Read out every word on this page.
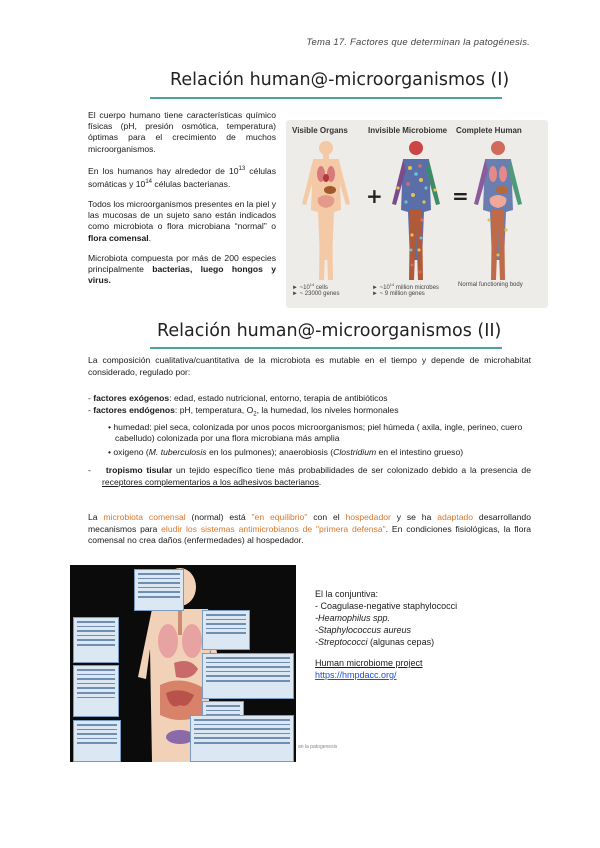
Tema 17. Factores que determinan la patogénesis.
Relación human@-microorganismos (I)

El cuerpo humano tiene características químico físicas (pH, presión osmótica, temperatura) óptimas para el crecimiento de muchos microorganismos.

En los humanos hay alrededor de $10^{13}$ células somáticas y $10^{14}$ células bacterianas.

Todos los microorganismos presentes en la piel y las mucosas de un sujeto sano están indicados como microbiota o flora microbiana “normal” o flora comensal.

Microbiota compuesta por más de 200 especies principalmente bacterias, luego hongos y virus.

Visible Organs	Invisible Microbiome Complete Human
+	=
► $\sim 10^{14}$ cells
► ~ 23000 genes
► $\sim 10^{14}$ million microbes
► ~ 9 million genes
Normal functioning body
Relación human@-microorganismos (II)
La composición cualitativa/cuantitativa de la microbiota es mutable en el tiempo y depende de microhabitat considerado, regulado por:
- factores exógenos: edad, estado nutricional, entorno, terapia de antibióticos
- factores endógenos: pH, temperatura, $O_2$, la humedad, los niveles hormonales
• humedad: piel seca, colonizada por unos pocos microorganismos; piel húmeda ( axila, ingle, perineo, cuero cabelludo) colonizada por una flora microbiana más amplia
• oxigeno (M. tuberculosis en los pulmones); anaerobiosis (Clostridium en el intestino grueso)
-    tropismo tisular un tejido específico tiene más probabilidades de ser colonizado debido a la presencia de receptores complementarios a los adhesivos bacterianos.
La microbiota comensal (normal) está "en equilibrio" con el hospedador y se ha adaptado desarrollando mecanismos para eludir los sistemas antimicrobianos de "primera defensa". En condiciones fisiológicas, la flora comensal no crea daños (enfermedades) al hospedador.
El la conjuntiva:
- Coagulase-negative staphylococci
-Heamophilus spp.
-Staphylococcus aureus
-Streptococci (algunas cepas)
Human microbiome project
https://hmpdacc.org/
an la patogenesis
